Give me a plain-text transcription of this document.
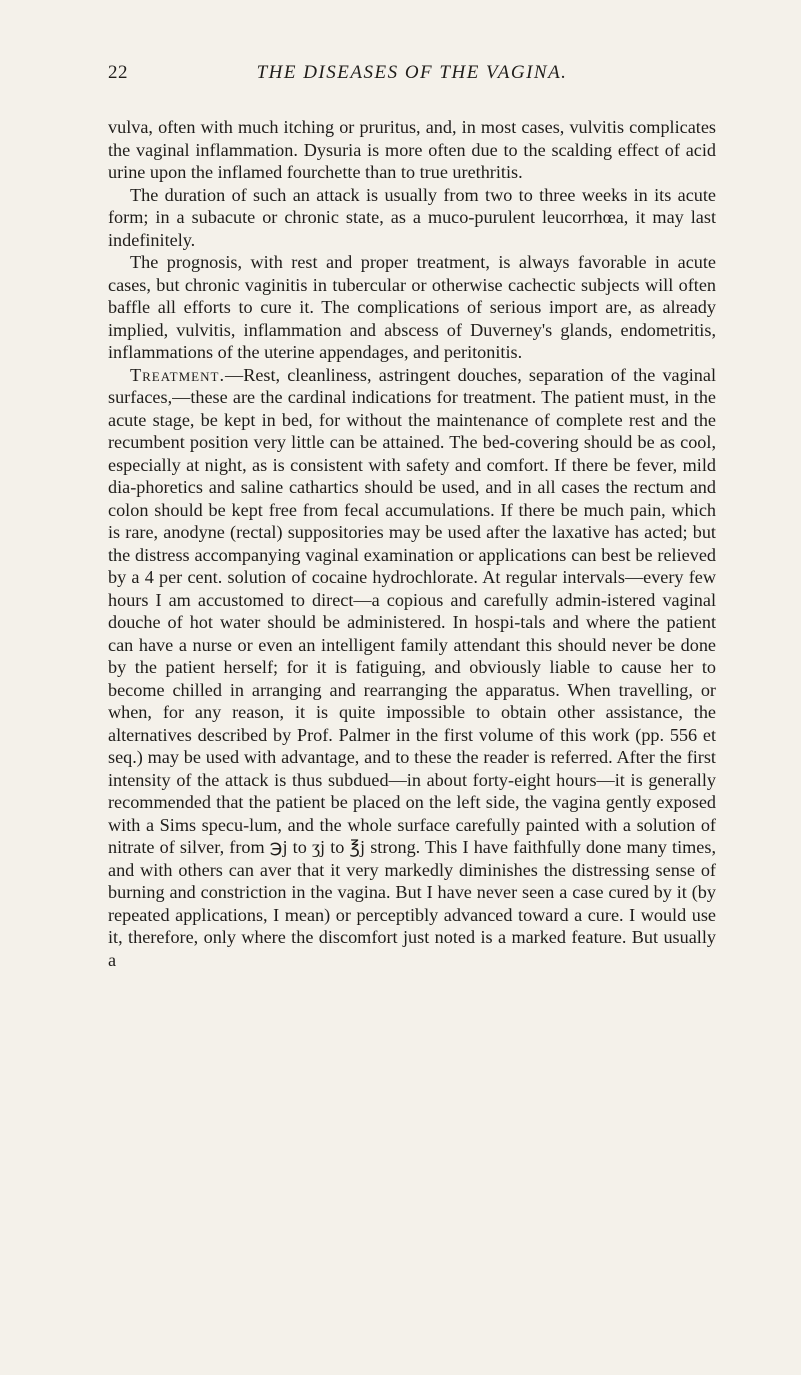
22	THE DISEASES OF THE VAGINA.

vulva, often with much itching or pruritus, and, in most cases, vulvitis complicates the vaginal inflammation. Dysuria is more often due to the scalding effect of acid urine upon the inflamed fourchette than to true urethritis.

The duration of such an attack is usually from two to three weeks in its acute form; in a subacute or chronic state, as a muco-purulent leucorrhœa, it may last indefinitely.

The prognosis, with rest and proper treatment, is always favorable in acute cases, but chronic vaginitis in tubercular or otherwise cachectic subjects will often baffle all efforts to cure it. The complications of serious import are, as already implied, vulvitis, inflammation and abscess of Duverney's glands, endometritis, inflammations of the uterine appendages, and peritonitis.

Treatment.—Rest, cleanliness, astringent douches, separation of the vaginal surfaces,—these are the cardinal indications for treatment. The patient must, in the acute stage, be kept in bed, for without the maintenance of complete rest and the recumbent position very little can be attained. The bed-covering should be as cool, especially at night, as is consistent with safety and comfort. If there be fever, mild dia-phoretics and saline cathartics should be used, and in all cases the rectum and colon should be kept free from fecal accumulations. If there be much pain, which is rare, anodyne (rectal) suppositories may be used after the laxative has acted; but the distress accompanying vaginal examination or applications can best be relieved by a 4 per cent. solution of cocaine hydrochlorate. At regular intervals—every few hours I am accustomed to direct—a copious and carefully admin-istered vaginal douche of hot water should be administered. In hospi-tals and where the patient can have a nurse or even an intelligent family attendant this should never be done by the patient herself; for it is fatiguing, and obviously liable to cause her to become chilled in arranging and rearranging the apparatus. When travelling, or when, for any reason, it is quite impossible to obtain other assistance, the alternatives described by Prof. Palmer in the first volume of this work (pp. 556 et seq.) may be used with advantage, and to these the reader is referred. After the first intensity of the attack is thus subdued—in about forty-eight hours—it is generally recommended that the patient be placed on the left side, the vagina gently exposed with a Sims specu-lum, and the whole surface carefully painted with a solution of nitrate of silver, from ℈j to ʒj to ℥j strong. This I have faithfully done many times, and with others can aver that it very markedly diminishes the distressing sense of burning and constriction in the vagina. But I have never seen a case cured by it (by repeated applications, I mean) or perceptibly advanced toward a cure. I would use it, therefore, only where the discomfort just noted is a marked feature. But usually a
